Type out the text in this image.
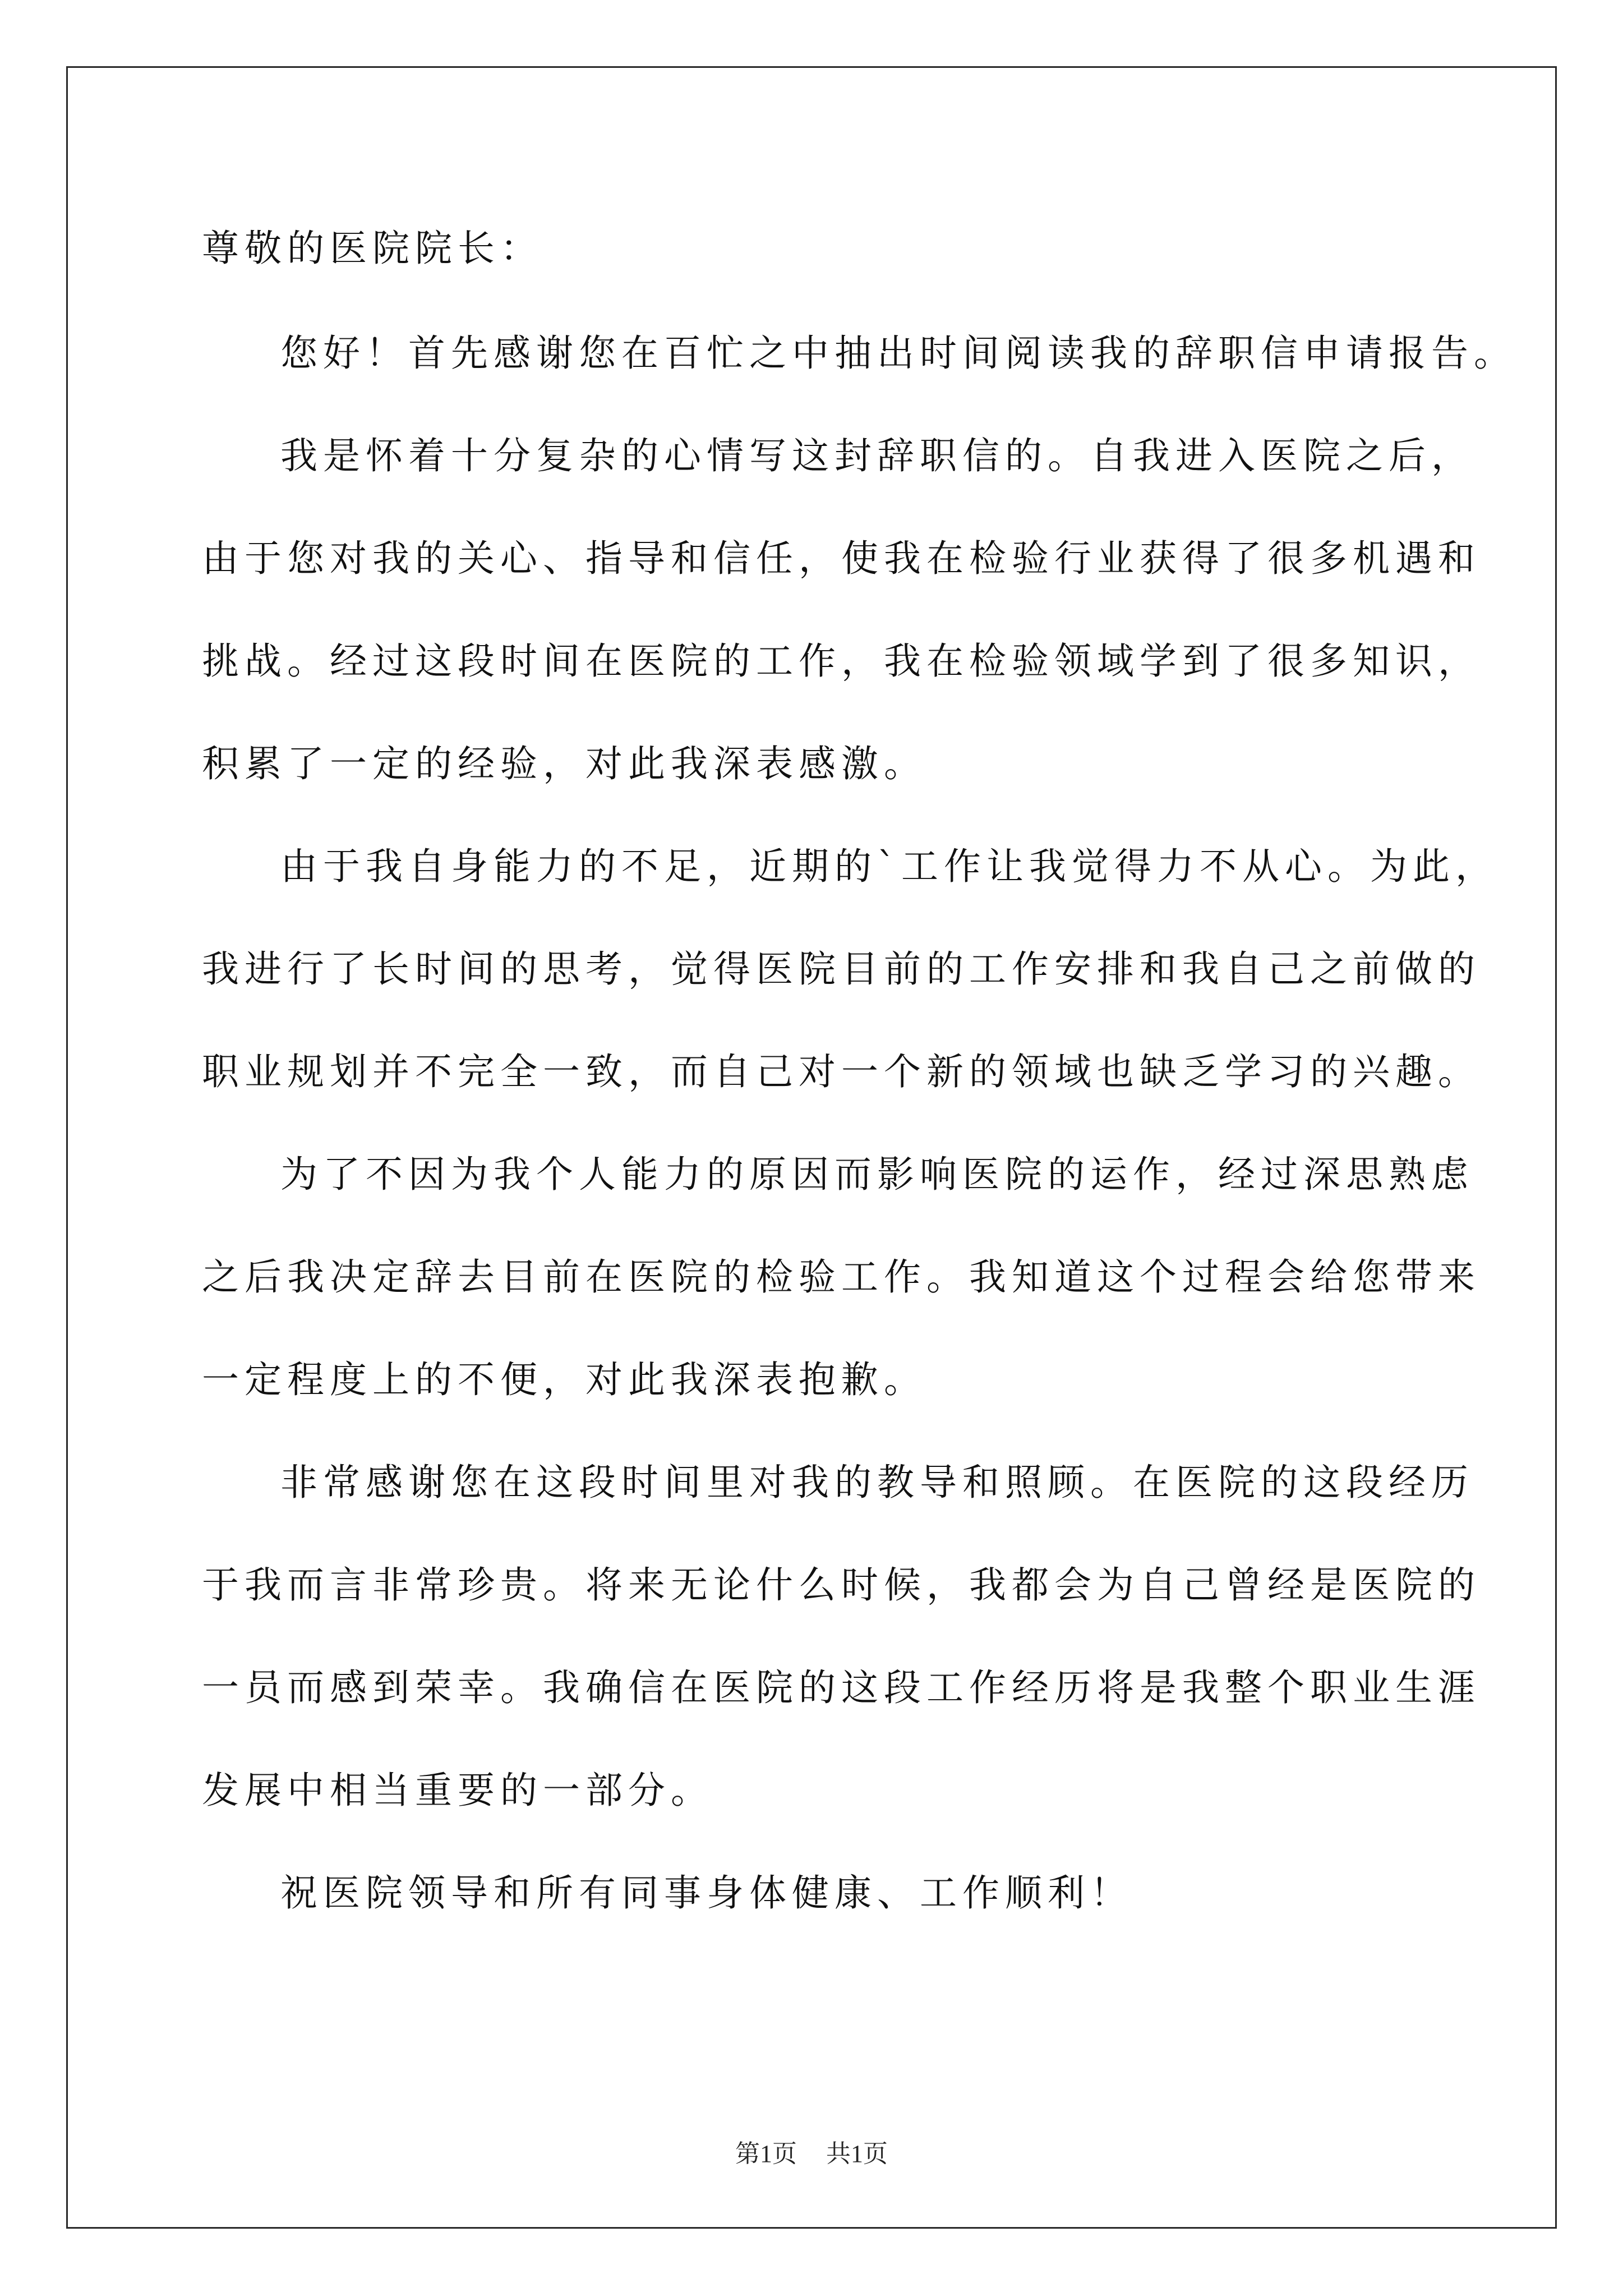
尊敬的医院院长：
您好！首先感谢您在百忙之中抽出时间阅读我的辞职信申请报告。
我是怀着十分复杂的心情写这封辞职信的。自我进入医院之后，
由于您对我的关心、指导和信任，使我在检验行业获得了很多机遇和
挑战。经过这段时间在医院的工作，我在检验领域学到了很多知识，
积累了一定的经验，对此我深表感激。
由于我自身能力的不足，近期的`工作让我觉得力不从心。为此，
我进行了长时间的思考，觉得医院目前的工作安排和我自己之前做的
职业规划并不完全一致，而自己对一个新的领域也缺乏学习的兴趣。
为了不因为我个人能力的原因而影响医院的运作，经过深思熟虑
之后我决定辞去目前在医院的检验工作。我知道这个过程会给您带来
一定程度上的不便，对此我深表抱歉。
非常感谢您在这段时间里对我的教导和照顾。在医院的这段经历
于我而言非常珍贵。将来无论什么时候，我都会为自己曾经是医院的
一员而感到荣幸。我确信在医院的这段工作经历将是我整个职业生涯
发展中相当重要的一部分。
祝医院领导和所有同事身体健康、工作顺利！
第1页 共1页
